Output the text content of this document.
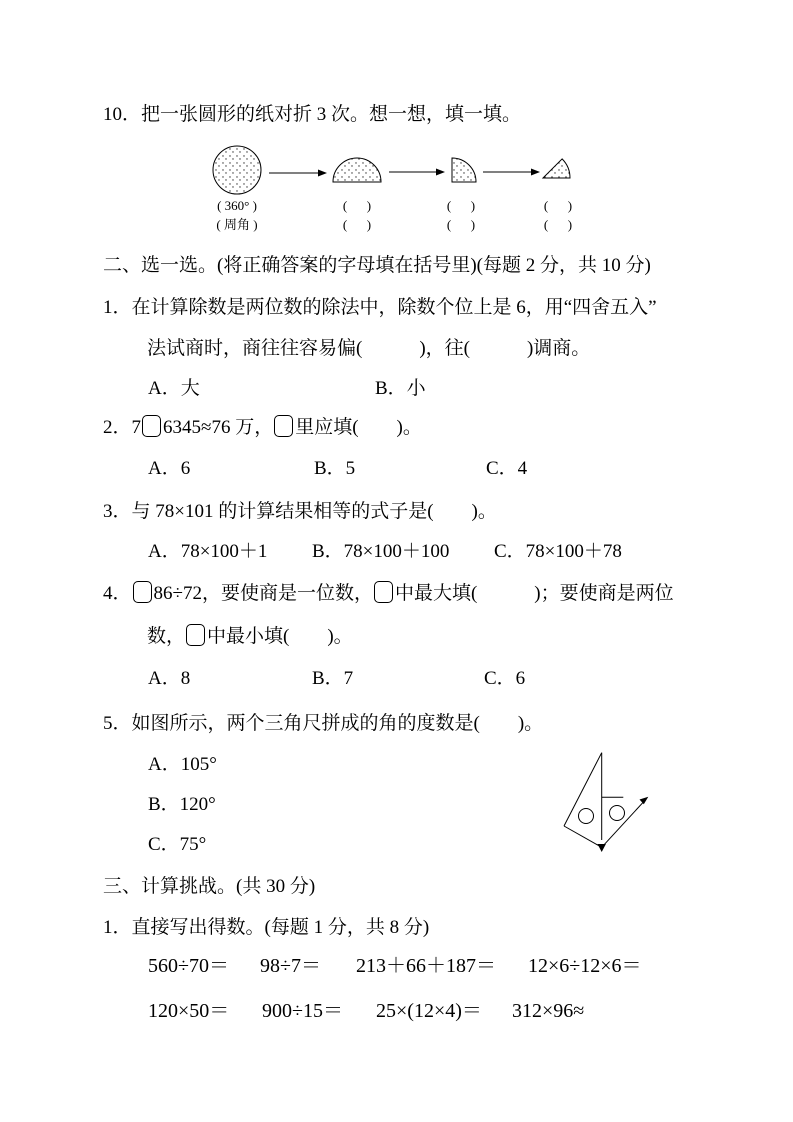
10．把一张圆形的纸对折 3 次。想一想，填一填。
( 360° )
( 周角 )
(      )
(      )
(      )
(      )
(      )
(      )
二、选一选。(将正确答案的字母填在括号里)(每题 2 分，共 10 分)
1．在计算除数是两位数的除法中，除数个位上是 6，用“四舍五入”
法试商时，商往往容易偏(　　　)，往(　　　)调商。
A．大	B．小
2．7 6345≈76 万， 里应填(　　)。
A．6	B．5	C．4
3．与 78×101 的计算结果相等的式子是(　　)。
A．78×100＋1 B．78×100＋100 C．78×100＋78
4． 86÷72，要使商是一位数， 中最大填(　　　)；要使商是两位
数， 中最小填(　　)。
A．8	B．7	C．6
5．如图所示，两个三角尺拼成的角的度数是(　　)。
A．105°
B．120°
C．75°
三、计算挑战。(共 30 分)
1．直接写出得数。(每题 1 分，共 8 分)
560÷70＝ 98÷7＝ 213＋66＋187＝ 12×6÷12×6＝
120×50＝ 900÷15＝ 25×(12×4)＝ 312×96≈
